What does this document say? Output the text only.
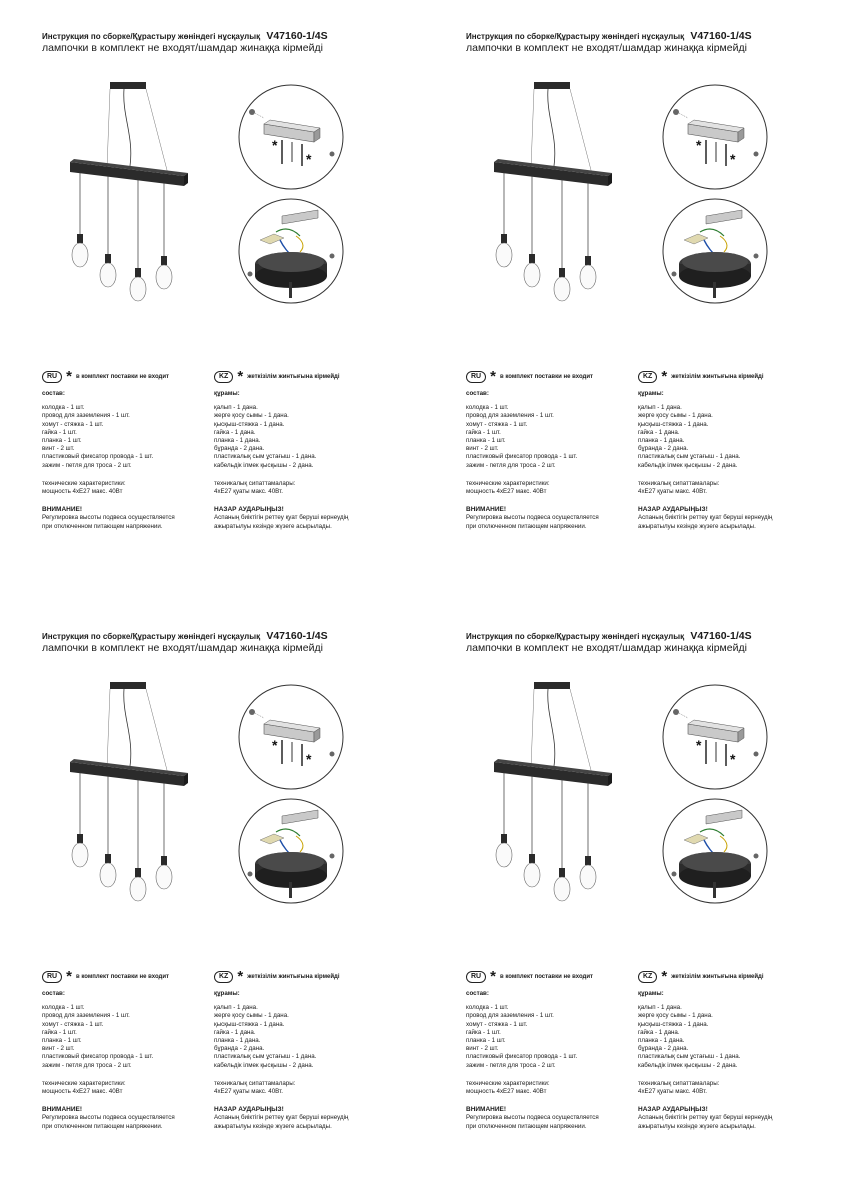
Инструкция по сборке/Құрастыру жөніндегі нұсқаулық V47160-1/4S
лампочки в комплект не входят/шамдар жинаққа кірмейді
*
*
RU * в комплект поставки не входит	KZ * жеткізілім жинтығына кірмейді
состав:
колодка - 1 шт.
провод для заземления - 1 шт.
хомут - стяжка - 1 шт.
гайка - 1 шт.
планка - 1 шт.
винт - 2 шт.
пластиковый фиксатор провода - 1 шт.
зажим - петля для троса - 2 шт.
технические характеристики:
мощность 4хЕ27 макс. 40Вт
ВНИМАНИЕ!
Регулировка высоты подвеса осуществляется
при отключенном питающем напряжении.
құрамы:
қалып - 1 дана.
жерге қосу сымы - 1 дана.
қысқыш-стяжка - 1 дана.
гайка - 1 дана.
планка - 1 дана.
бұранда - 2 дана.
пластикалық сым ұстағыш - 1 дана.
кабельдік ілмек қысқышы - 2 дана.
техникалық сипаттамалары:
4хЕ27 қуаты макс. 40Вт.
НАЗАР АУДАРЫҢЫЗ!
Аспаның биіктігін реттеу қуат беруші кернеудің
ажыратылуы кезінде жүзеге асырылады.
Инструкция по сборке/Құрастыру жөніндегі нұсқаулық V47160-1/4S
лампочки в комплект не входят/шамдар жинаққа кірмейді
*
*
RU * в комплект поставки не входит	KZ * жеткізілім жинтығына кірмейді
состав:
колодка - 1 шт.
провод для заземления - 1 шт.
хомут - стяжка - 1 шт.
гайка - 1 шт.
планка - 1 шт.
винт - 2 шт.
пластиковый фиксатор провода - 1 шт.
зажим - петля для троса - 2 шт.
технические характеристики:
мощность 4хЕ27 макс. 40Вт
ВНИМАНИЕ!
Регулировка высоты подвеса осуществляется
при отключенном питающем напряжении.
құрамы:
қалып - 1 дана.
жерге қосу сымы - 1 дана.
қысқыш-стяжка - 1 дана.
гайка - 1 дана.
планка - 1 дана.
бұранда - 2 дана.
пластикалық сым ұстағыш - 1 дана.
кабельдік ілмек қысқышы - 2 дана.
техникалық сипаттамалары:
4хЕ27 қуаты макс. 40Вт.
НАЗАР АУДАРЫҢЫЗ!
Аспаның биіктігін реттеу қуат беруші кернеудің
ажыратылуы кезінде жүзеге асырылады.
Инструкция по сборке/Құрастыру жөніндегі нұсқаулық V47160-1/4S
лампочки в комплект не входят/шамдар жинаққа кірмейді
*
*
RU * в комплект поставки не входит	KZ * жеткізілім жинтығына кірмейді
состав:
колодка - 1 шт.
провод для заземления - 1 шт.
хомут - стяжка - 1 шт.
гайка - 1 шт.
планка - 1 шт.
винт - 2 шт.
пластиковый фиксатор провода - 1 шт.
зажим - петля для троса - 2 шт.
технические характеристики:
мощность 4хЕ27 макс. 40Вт
ВНИМАНИЕ!
Регулировка высоты подвеса осуществляется
при отключенном питающем напряжении.
құрамы:
қалып - 1 дана.
жерге қосу сымы - 1 дана.
қысқыш-стяжка - 1 дана.
гайка - 1 дана.
планка - 1 дана.
бұранда - 2 дана.
пластикалық сым ұстағыш - 1 дана.
кабельдік ілмек қысқышы - 2 дана.
техникалық сипаттамалары:
4хЕ27 қуаты макс. 40Вт.
НАЗАР АУДАРЫҢЫЗ!
Аспаның биіктігін реттеу қуат беруші кернеудің
ажыратылуы кезінде жүзеге асырылады.
Инструкция по сборке/Құрастыру жөніндегі нұсқаулық V47160-1/4S
лампочки в комплект не входят/шамдар жинаққа кірмейді
*
*
RU * в комплект поставки не входит	KZ * жеткізілім жинтығына кірмейді
состав:
колодка - 1 шт.
провод для заземления - 1 шт.
хомут - стяжка - 1 шт.
гайка - 1 шт.
планка - 1 шт.
винт - 2 шт.
пластиковый фиксатор провода - 1 шт.
зажим - петля для троса - 2 шт.
технические характеристики:
мощность 4хЕ27 макс. 40Вт
ВНИМАНИЕ!
Регулировка высоты подвеса осуществляется
при отключенном питающем напряжении.
құрамы:
қалып - 1 дана.
жерге қосу сымы - 1 дана.
қысқыш-стяжка - 1 дана.
гайка - 1 дана.
планка - 1 дана.
бұранда - 2 дана.
пластикалық сым ұстағыш - 1 дана.
кабельдік ілмек қысқышы - 2 дана.
техникалық сипаттамалары:
4хЕ27 қуаты макс. 40Вт.
НАЗАР АУДАРЫҢЫЗ!
Аспаның биіктігін реттеу қуат беруші кернеудің
ажыратылуы кезінде жүзеге асырылады.
